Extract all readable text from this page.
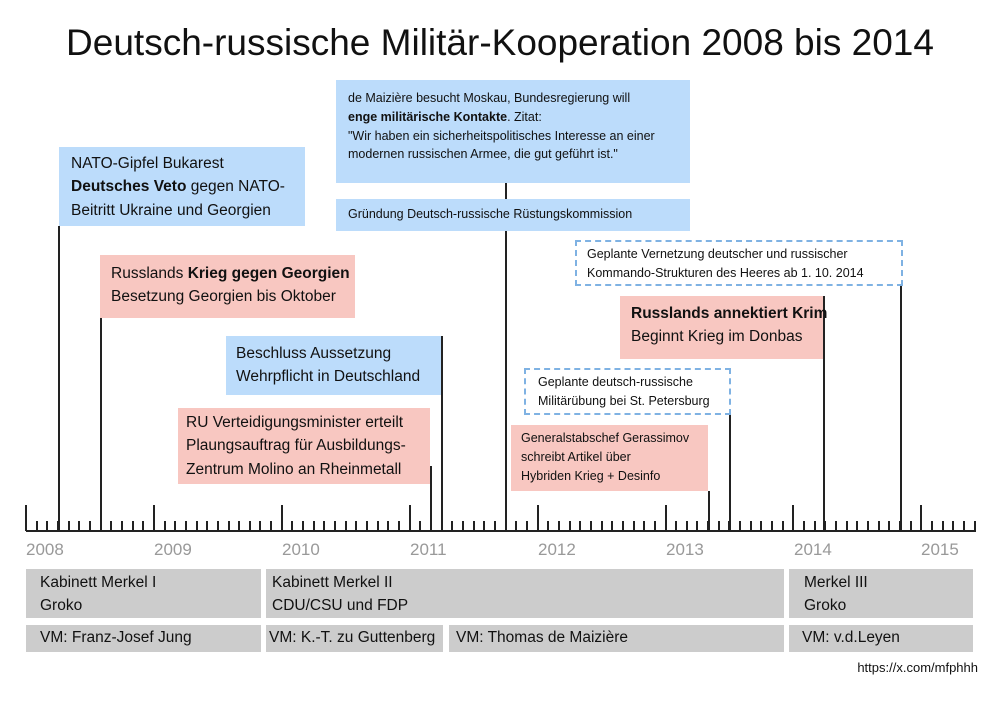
Deutsch-russische Militär-Kooperation 2008 bis 2014
NATO-Gipfel Bukarest
Deutsches Veto gegen NATO-
Beitritt Ukraine und Georgien
Russlands Krieg gegen Georgien
Besetzung Georgien bis Oktober
Beschluss Aussetzung
Wehrpflicht in Deutschland
RU Verteidigungsminister erteilt
Plaungsauftrag für Ausbildungs-
Zentrum Molino an Rheinmetall
de Maizière besucht Moskau, Bundesregierung will
enge militärische Kontakte. Zitat:
"Wir haben ein sicherheitspolitisches Interesse an einer
modernen russischen Armee, die gut geführt ist."
Gründung Deutsch-russische Rüstungskommission
Geplante Vernetzung deutscher und russischer
Kommando-Strukturen des Heeres ab 1. 10. 2014
Russlands annektiert Krim
Beginnt Krieg im Donbas
Geplante deutsch-russische
Militärübung bei St. Petersburg
Generalstabschef Gerassimov
schreibt Artikel über
Hybriden Krieg + Desinfo
2008	2009	2010	2011	2012	2013	2014	2015
Kabinett Merkel I
Groko
Kabinett Merkel II
CDU/CSU und FDP
Merkel III
Groko
VM: Franz-Josef Jung	VM: K.-T. zu Guttenberg	VM: Thomas de Maizière	VM: v.d.Leyen
https://x.com/mfphhh
